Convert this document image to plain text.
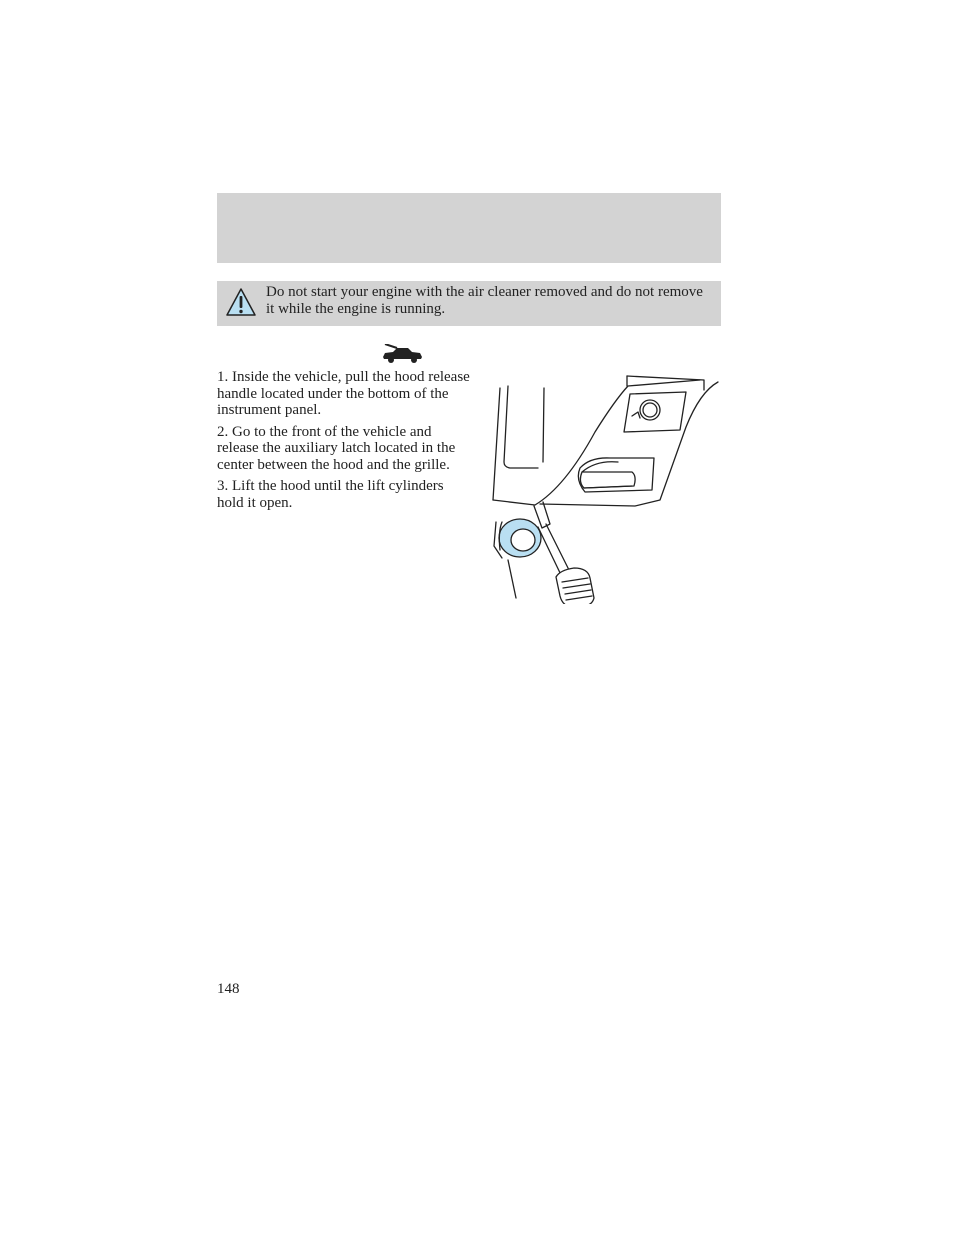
Do not start your engine with the air cleaner removed and do not remove it while the engine is running.

1. Inside the vehicle, pull the hood release handle located under the bottom of the instrument panel.

2. Go to the front of the vehicle and release the auxiliary latch located in the center between the hood and the grille.

3. Lift the hood until the lift cylinders hold it open.

148
